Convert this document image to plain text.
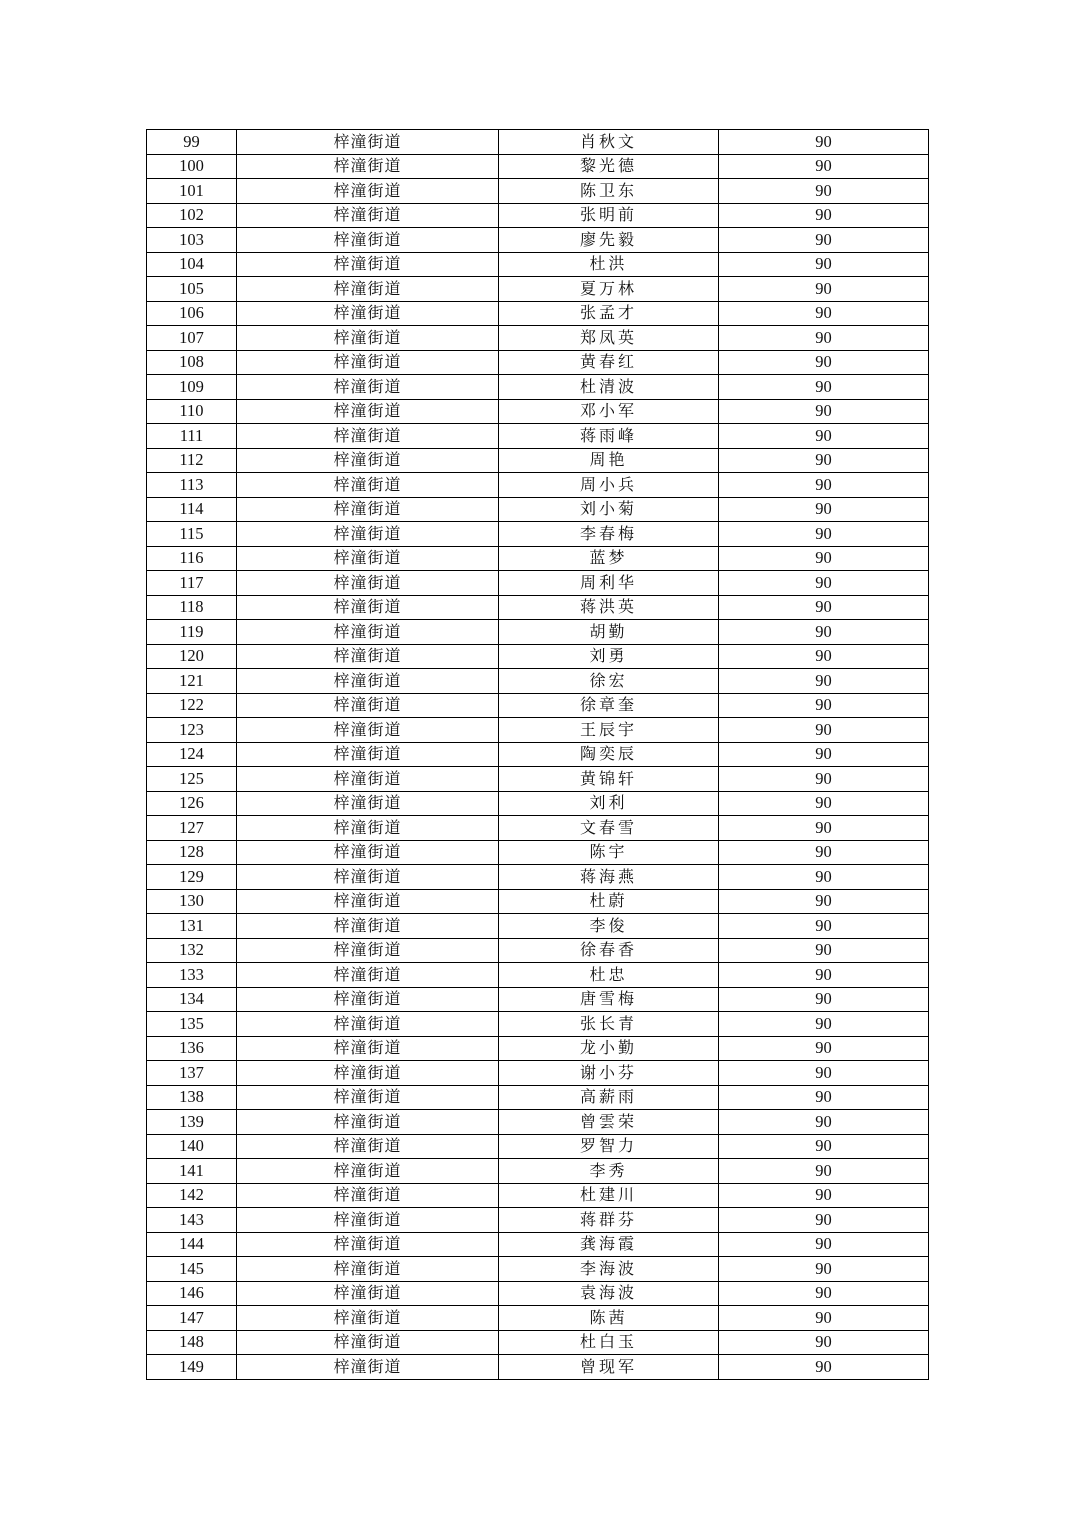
99	梓潼街道	肖秋文	90
100	梓潼街道	黎光德	90
101	梓潼街道	陈卫东	90
102	梓潼街道	张明前	90
103	梓潼街道	廖先毅	90
104	梓潼街道	杜洪	90
105	梓潼街道	夏万林	90
106	梓潼街道	张孟才	90
107	梓潼街道	郑凤英	90
108	梓潼街道	黄春红	90
109	梓潼街道	杜清波	90
110	梓潼街道	邓小军	90
111	梓潼街道	蒋雨峰	90
112	梓潼街道	周艳	90
113	梓潼街道	周小兵	90
114	梓潼街道	刘小菊	90
115	梓潼街道	李春梅	90
116	梓潼街道	蓝梦	90
117	梓潼街道	周利华	90
118	梓潼街道	蒋洪英	90
119	梓潼街道	胡勤	90
120	梓潼街道	刘勇	90
121	梓潼街道	徐宏	90
122	梓潼街道	徐章奎	90
123	梓潼街道	王辰宇	90
124	梓潼街道	陶奕辰	90
125	梓潼街道	黄锦轩	90
126	梓潼街道	刘利	90
127	梓潼街道	文春雪	90
128	梓潼街道	陈宇	90
129	梓潼街道	蒋海燕	90
130	梓潼街道	杜蔚	90
131	梓潼街道	李俊	90
132	梓潼街道	徐春香	90
133	梓潼街道	杜忠	90
134	梓潼街道	唐雪梅	90
135	梓潼街道	张长青	90
136	梓潼街道	龙小勤	90
137	梓潼街道	谢小芬	90
138	梓潼街道	高薪雨	90
139	梓潼街道	曾雲荣	90
140	梓潼街道	罗智力	90
141	梓潼街道	李秀	90
142	梓潼街道	杜建川	90
143	梓潼街道	蒋群芬	90
144	梓潼街道	龚海霞	90
145	梓潼街道	李海波	90
146	梓潼街道	袁海波	90
147	梓潼街道	陈茜	90
148	梓潼街道	杜白玉	90
149	梓潼街道	曾现军	90
